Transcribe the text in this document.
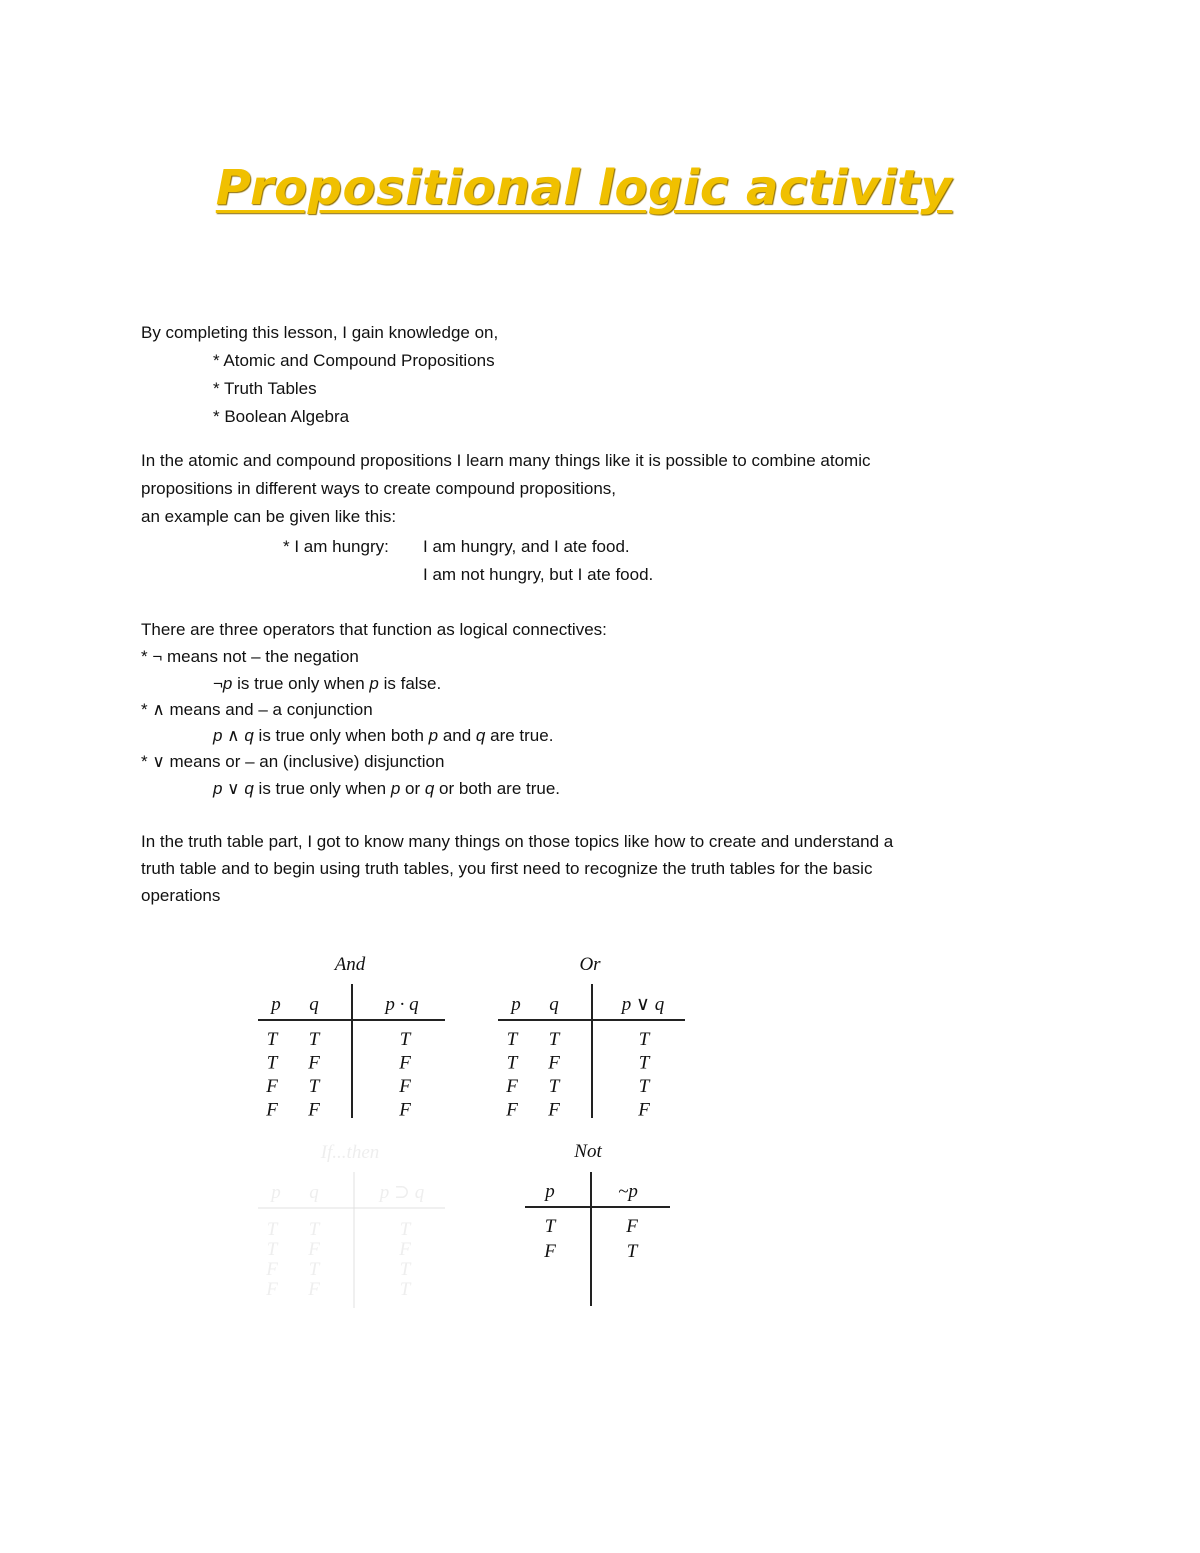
Propositional logic activity
By completing this lesson, I gain knowledge on,
* Atomic and Compound Propositions
* Truth Tables
* Boolean Algebra
In the atomic and compound propositions I learn many things like it is possible to combine atomic
propositions in different ways to create compound propositions,
an example can be given like this:
* I am hungry: I am hungry, and I ate food.
I am not hungry, but I ate food.
There are three operators that function as logical connectives:
* ¬ means not – the negation
¬p is true only when p is false.
* ∧ means and – a conjunction
p ∧ q is true only when both p and q are true.
* ∨ means or – an (inclusive) disjunction
p ∨ q is true only when p or q or both are true.
In the truth table part, I got to know many things on those topics like how to create and understand a
truth table and to begin using truth tables, you first need to recognize the truth tables for the basic
operations
And
p q	p · q
T T	T
T F	F
F T	F
F F	F
Or
p q	p ∨ q
T T	T
T F	T
F T	T
F F	F
If...then
p q	p ⊃ q
T T	T
T F	F
F T	T
F F	T
Not
p	~p
T	F
F	T
